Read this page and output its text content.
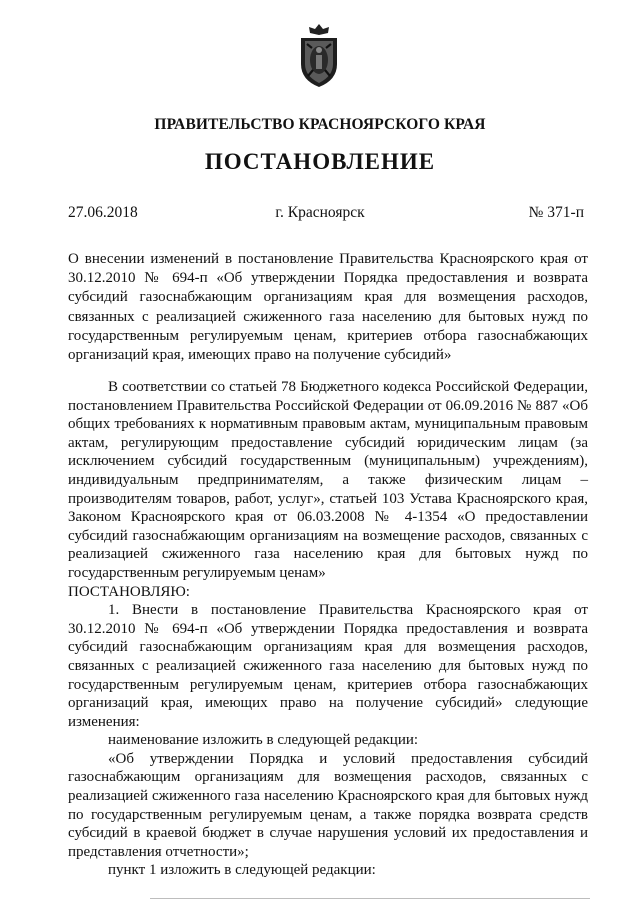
ПРАВИТЕЛЬСТВО КРАСНОЯРСКОГО КРАЯ
ПОСТАНОВЛЕНИЕ
27.06.2018	г. Красноярск	№ 371-п
О внесении изменений в постановление Правительства Красноярского края от 30.12.2010 № 694-п «Об утверждении Порядка предоставления и возврата субсидий газоснабжающим организациям края для возмещения расходов, связанных с реализацией сжиженного газа населению для бытовых нужд по государственным регулируемым ценам, критериев отбора газоснабжающих организаций края, имеющих право на получение субсидий»

В соответствии со статьей 78 Бюджетного кодекса Российской Федерации, постановлением Правительства Российской Федерации от 06.09.2016 № 887 «Об общих требованиях к нормативным правовым актам, муниципальным правовым актам, регулирующим предоставление субсидий юридическим лицам (за исключением субсидий государственным (муниципальным) учреждениям), индивидуальным предпринимателям, а также физическим лицам – производителям товаров, работ, услуг», статьей 103 Устава Красноярского края, Законом Красноярского края от 06.03.2008 № 4-1354 «О предоставлении субсидий газоснабжающим организациям на возмещение расходов, связанных с реализацией сжиженного газа населению края для бытовых нужд по государственным регулируемым ценам»

ПОСТАНОВЛЯЮ:

1. Внести в постановление Правительства Красноярского края от 30.12.2010 № 694-п «Об утверждении Порядка предоставления и возврата субсидий газоснабжающим организациям края для возмещения расходов, связанных с реализацией сжиженного газа населению для бытовых нужд по государственным регулируемым ценам, критериев отбора газоснабжающих организаций края, имеющих право на получение субсидий» следующие изменения:

наименование изложить в следующей редакции:

«Об утверждении Порядка и условий предоставления субсидий газоснабжающим организациям для возмещения расходов, связанных с реализацией сжиженного газа населению Красноярского края для бытовых нужд по государственным регулируемым ценам, а также порядка возврата средств субсидий в краевой бюджет в случае нарушения условий их предоставления и представления отчетности»;

пункт 1 изложить в следующей редакции:
